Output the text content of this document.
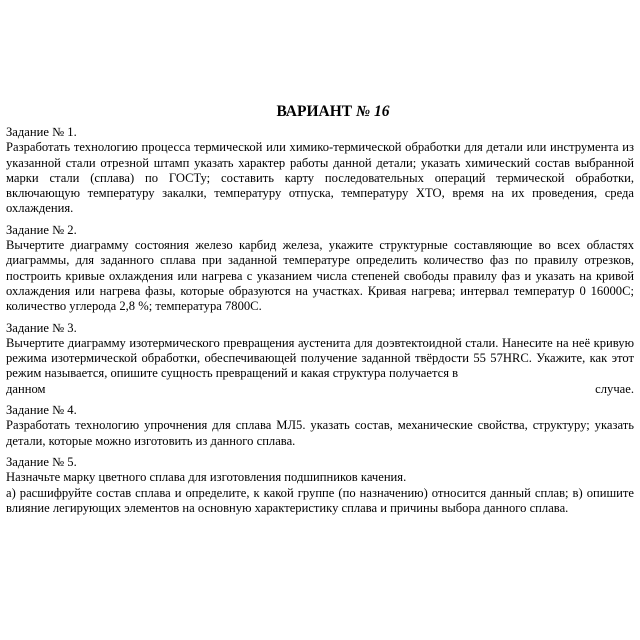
ВАРИАНТ № 16
Задание № 1.

Разработать технологию процесса термической или химико-термической обработки для детали или инструмента из указанной стали отрезной штамп указать характер работы данной детали; указать химический состав выбранной марки стали (сплава) по ГОСТу; составить карту последовательных операций термической обработки, включающую температуру закалки, температуру отпуска, температуру ХТО, время на их проведения, среда охлаждения.

Задание № 2.

Вычертите диаграмму состояния железо карбид железа, укажите структурные составляющие во всех областях диаграммы, для заданного сплава при заданной температуре определить количество фаз по правилу отрезков, построить кривые охлаждения или нагрева с указанием числа степеней свободы правилу фаз и указать на кривой охлаждения или нагрева фазы, которые образуются на участках. Кривая нагрева; интервал температур 0 16000С; количество углерода 2,8 %; температура 7800С.

Задание № 3.

Вычертите диаграмму изотермического превращения аустенита для доэвтектоидной стали. Нанесите на неё кривую режима изотермической обработки, обеспечивающей получение заданной твёрдости 55 57HRC. Укажите, как этот режим называется, опишите сущность превращений и какая структура получается в

данном	случае.
Задание № 4.

Разработать технологию упрочнения для сплава МЛ5. указать состав, механические свойства, структуру; указать детали, которые можно изготовить из данного сплава.

Задание № 5.
Назначьте марку цветного сплава для изготовления подшипников качения.

а) расшифруйте состав сплава и определите, к какой группе (по назначению) относится данный сплав; в) опишите влияние легирующих элементов на основную характеристику сплава и причины выбора данного сплава.
